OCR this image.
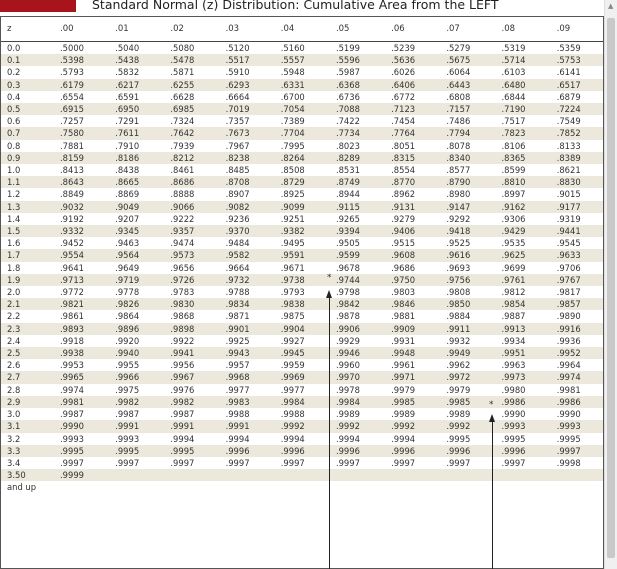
Standard Normal (z) Distribution: Cumulative Area from the LEFT
z	.00	.01	.02	.03	.04	.05	.06	.07	.08	.09
0.0	.5000	.5040	.5080	.5120	.5160	.5199	.5239	.5279	.5319	.5359
0.1	.5398	.5438	.5478	.5517	.5557	.5596	.5636	.5675	.5714	.5753
0.2	.5793	.5832	.5871	.5910	.5948	.5987	.6026	.6064	.6103	.6141
0.3	.6179	.6217	.6255	.6293	.6331	.6368	.6406	.6443	.6480	.6517
0.4	.6554	.6591	.6628	.6664	.6700	.6736	.6772	.6808	.6844	.6879
0.5	.6915	.6950	.6985	.7019	.7054	.7088	.7123	.7157	.7190	.7224
0.6	.7257	.7291	.7324	.7357	.7389	.7422	.7454	.7486	.7517	.7549
0.7	.7580	.7611	.7642	.7673	.7704	.7734	.7764	.7794	.7823	.7852
0.8	.7881	.7910	.7939	.7967	.7995	.8023	.8051	.8078	.8106	.8133
0.9	.8159	.8186	.8212	.8238	.8264	.8289	.8315	.8340	.8365	.8389
1.0	.8413	.8438	.8461	.8485	.8508	.8531	.8554	.8577	.8599	.8621
1.1	.8643	.8665	.8686	.8708	.8729	.8749	.8770	.8790	.8810	.8830
1.2	.8849	.8869	.8888	.8907	.8925	.8944	.8962	.8980	.8997	.9015
1.3	.9032	.9049	.9066	.9082	.9099	.9115	.9131	.9147	.9162	.9177
1.4	.9192	.9207	.9222	.9236	.9251	.9265	.9279	.9292	.9306	.9319
1.5	.9332	.9345	.9357	.9370	.9382	.9394	.9406	.9418	.9429	.9441
1.6	.9452	.9463	.9474	.9484	.9495	.9505	.9515	.9525	.9535	.9545
1.7	.9554	.9564	.9573	.9582	.9591	.9599	.9608	.9616	.9625	.9633
1.8	.9641	.9649	.9656	.9664	.9671	.9678	.9686	.9693	.9699	.9706
1.9	.9713	.9719	.9726	.9732	.9738	.9744	.9750	.9756	.9761	.9767
2.0	.9772	.9778	.9783	.9788	.9793	.9798	.9803	.9808	.9812	.9817
2.1	.9821	.9826	.9830	.9834	.9838	.9842	.9846	.9850	.9854	.9857
2.2	.9861	.9864	.9868	.9871	.9875	.9878	.9881	.9884	.9887	.9890
2.3	.9893	.9896	.9898	.9901	.9904	.9906	.9909	.9911	.9913	.9916
2.4	.9918	.9920	.9922	.9925	.9927	.9929	.9931	.9932	.9934	.9936
2.5	.9938	.9940	.9941	.9943	.9945	.9946	.9948	.9949	.9951	.9952
2.6	.9953	.9955	.9956	.9957	.9959	.9960	.9961	.9962	.9963	.9964
2.7	.9965	.9966	.9967	.9968	.9969	.9970	.9971	.9972	.9973	.9974
2.8	.9974	.9975	.9976	.9977	.9977	.9978	.9979	.9979	.9980	.9981
2.9	.9981	.9982	.9982	.9983	.9984	.9984	.9985	.9985	.9986	.9986
3.0	.9987	.9987	.9987	.9988	.9988	.9989	.9989	.9989	.9990	.9990
3.1	.9990	.9991	.9991	.9991	.9992	.9992	.9992	.9992	.9993	.9993
3.2	.9993	.9993	.9994	.9994	.9994	.9994	.9994	.9995	.9995	.9995
3.3	.9995	.9995	.9995	.9996	.9996	.9996	.9996	.9996	.9996	.9997
3.4	.9997	.9997	.9997	.9997	.9997	.9997	.9997	.9997	.9997	.9998
3.50	.9999									
and up										
*
*
▲
